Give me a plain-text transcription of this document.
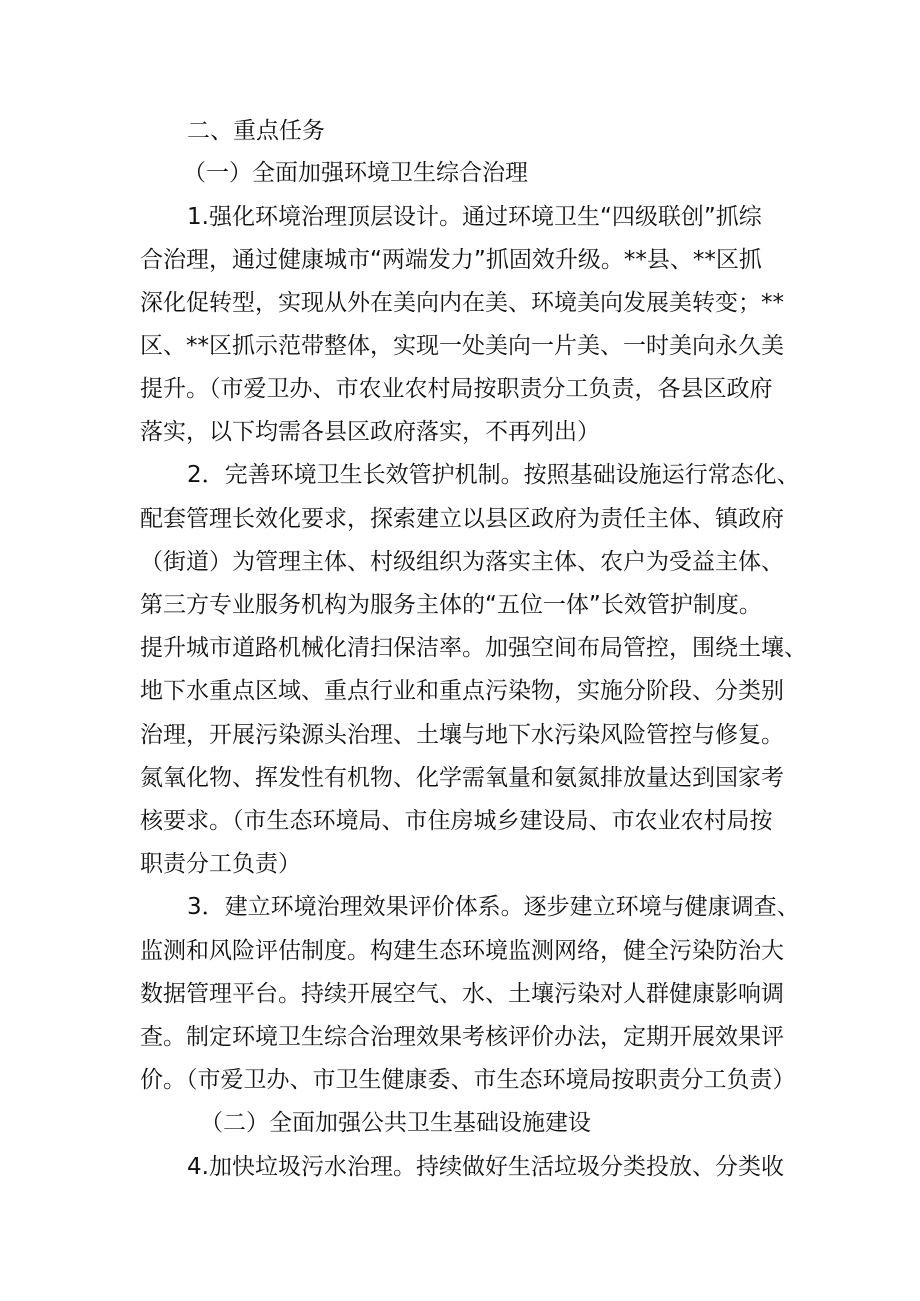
二、重点任务
（一）全面加强环境卫生综合治理
1.强化环境治理顶层设计。通过环境卫生“四级联创”抓综
合治理，通过健康城市“两端发力”抓固效升级。**县、**区抓
深化促转型，实现从外在美向内在美、环境美向发展美转变；**
区、**区抓示范带整体，实现一处美向一片美、一时美向永久美
提升。（市爱卫办、市农业农村局按职责分工负责，各县区政府
落实，以下均需各县区政府落实，不再列出）
2．完善环境卫生长效管护机制。按照基础设施运行常态化、
配套管理长效化要求，探索建立以县区政府为责任主体、镇政府
（街道）为管理主体、村级组织为落实主体、农户为受益主体、
第三方专业服务机构为服务主体的“五位一体”长效管护制度。
提升城市道路机械化清扫保洁率。加强空间布局管控，围绕土壤、
地下水重点区域、重点行业和重点污染物，实施分阶段、分类别
治理，开展污染源头治理、土壤与地下水污染风险管控与修复。
氮氧化物、挥发性有机物、化学需氧量和氨氮排放量达到国家考
核要求。（市生态环境局、市住房城乡建设局、市农业农村局按
职责分工负责）
3．建立环境治理效果评价体系。逐步建立环境与健康调查、
监测和风险评估制度。构建生态环境监测网络，健全污染防治大
数据管理平台。持续开展空气、水、土壤污染对人群健康影响调
查。制定环境卫生综合治理效果考核评价办法，定期开展效果评
价。（市爱卫办、市卫生健康委、市生态环境局按职责分工负责）
（二）全面加强公共卫生基础设施建设
4.加快垃圾污水治理。持续做好生活垃圾分类投放、分类收
